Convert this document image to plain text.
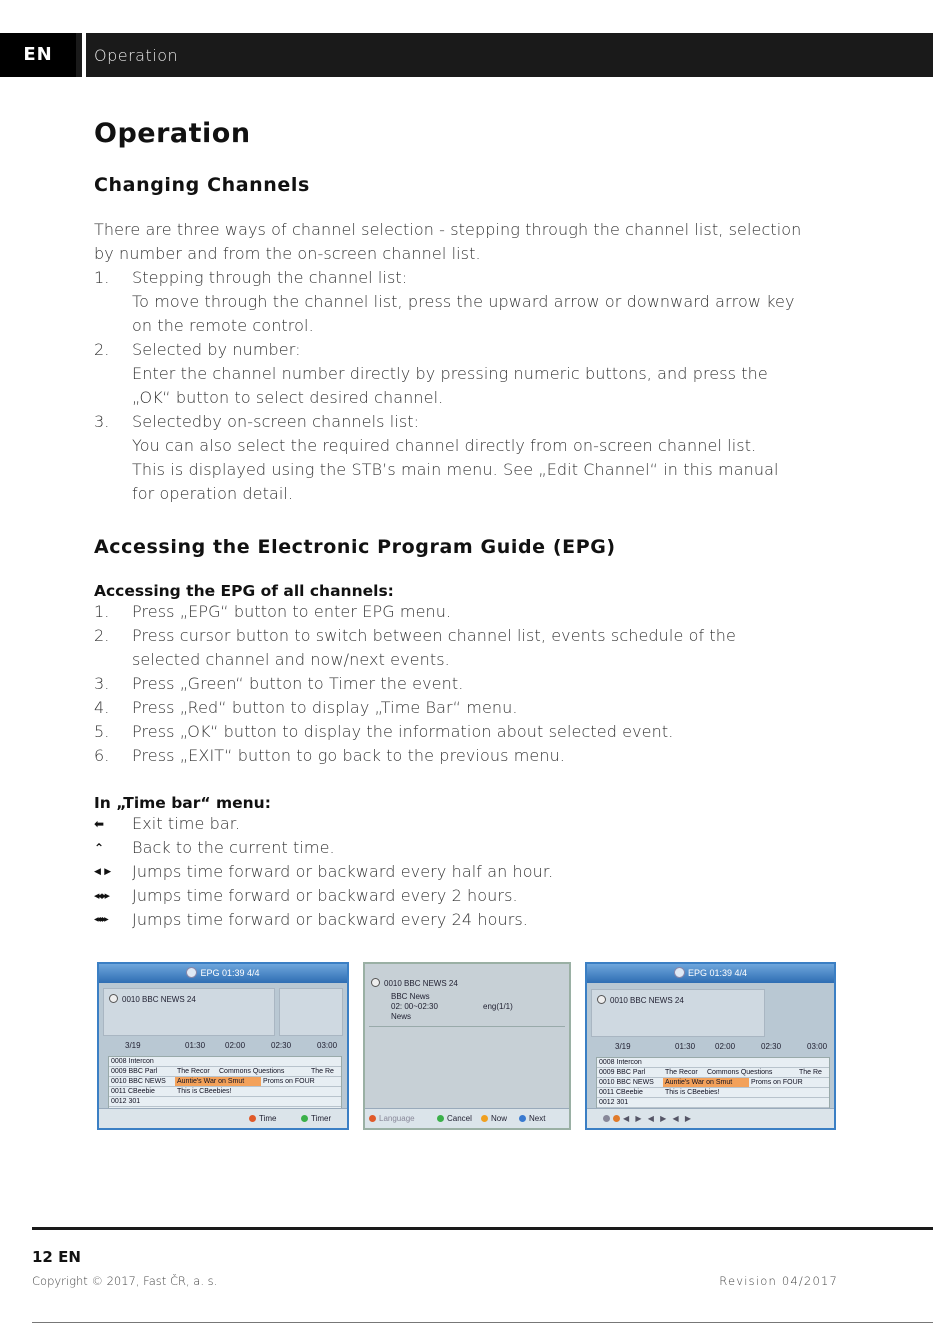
EN	Operation
Operation
Changing Channels

There are three ways of channel selection - stepping through the channel list, selection

by number and from the on-screen channel list.

1.	Stepping through the channel list:
To move through the channel list, press the upward arrow or downward arrow key
on the remote control.
2.	Selected by number:
Enter the channel number directly by pressing numeric buttons, and press the
„OK“ button to select desired channel.
3.	Selectedby on-screen channels list:
You can also select the required channel directly from on-screen channel list.
This is displayed using the STB’s main menu. See „Edit Channel“ in this manual
for operation detail.
Accessing the Electronic Program Guide (EPG)
Accessing the EPG of all channels:
1.	Press „EPG“ button to enter EPG menu.
2.	Press cursor button to switch between channel list, events schedule of the
selected channel and now/next events.
3.	Press „Green“ button to Timer the event.
4.	Press „Red“ button to display „Time Bar“ menu.
5.	Press „OK“ button to display the information about selected event.
6.	Press „EXIT“ button to go back to the previous menu.
In „Time bar“ menu:
⬅	Exit time bar.
⌃	Back to the current time.
◀ ▶	Jumps time forward or backward every half an hour.
◀◀ ▶▶	Jumps time forward or backward every 2 hours.
◀◀◀ ▶▶▶	Jumps time forward or backward every 24 hours.
EPG 01:39 4/4
0010 BBC NEWS 24
3/19	01:30 02:00	02:30	03:00
0008 Intercon
0009 BBC Parl	The Recor Commons Questions	The Re
0010 BBC NEWS Auntie's War on Smut	Proms on FOUR
0011 CBeebie	This is CBeebies!
0012 301
Time	Timer
0010 BBC NEWS 24
BBC News
02: 00~02:30
News
eng(1/1)
Language	Cancel	Now	Next
EPG 01:39 4/4
0010 BBC NEWS 24
3/19	01:30 02:00	02:30	03:00
0008 Intercon
0009 BBC Parl	The Recor Commons Questions	The Re
0010 BBC NEWS Auntie's War on Smut	Proms on FOUR
0011 CBeebie	This is CBeebies!
0012 301
◀ ▶ ◀ ▶ ◀ ▶
12 EN
Copyright © 2017, Fast ČR, a. s.	Revision 04/2017
